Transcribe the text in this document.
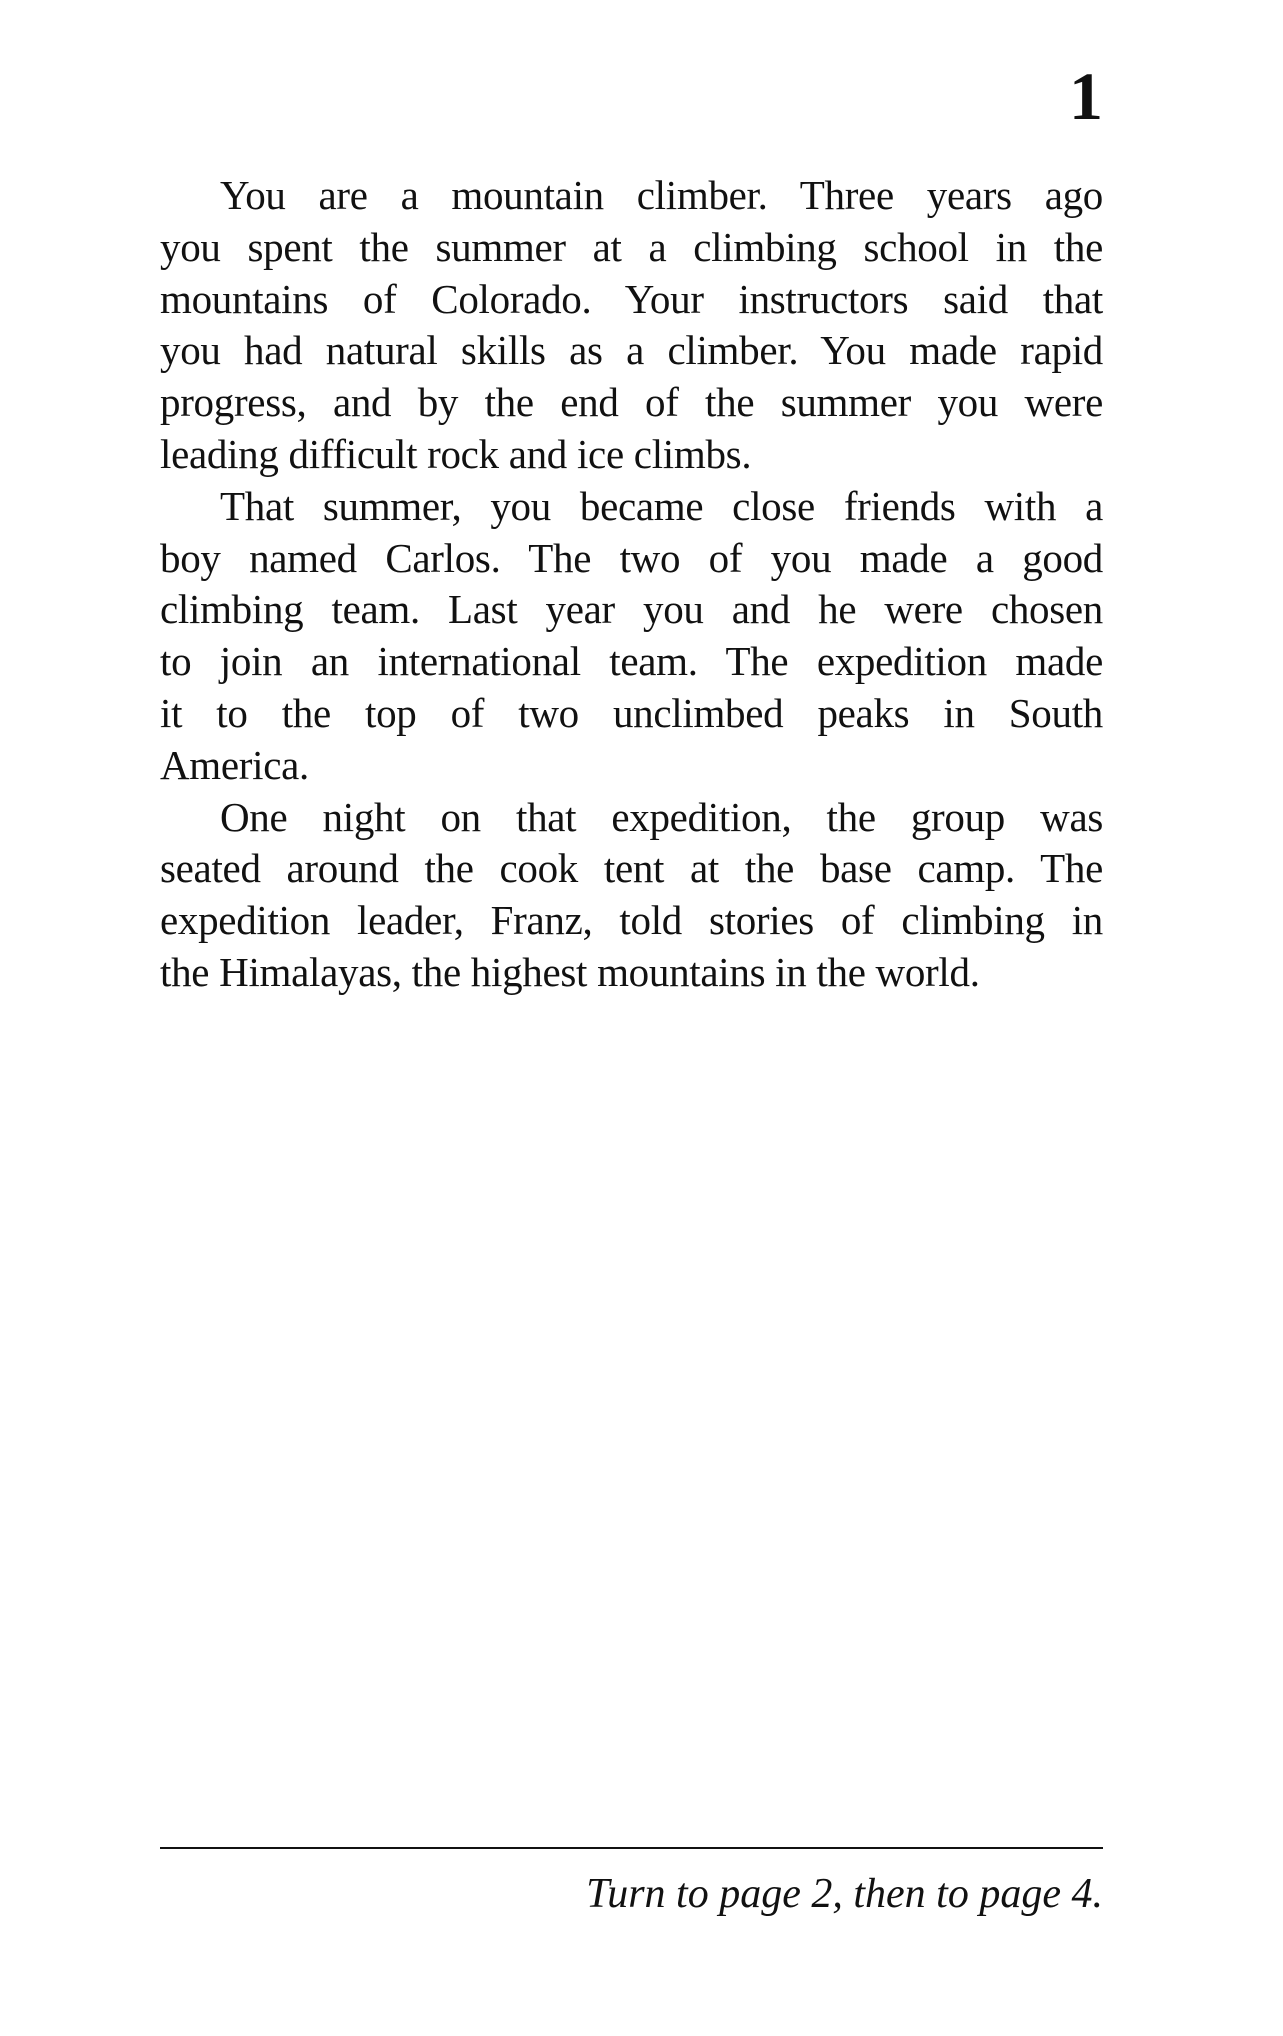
1
You are a mountain climber. Three years ago
you spent the summer at a climbing school in the
mountains of Colorado. Your instructors said that
you had natural skills as a climber. You made rapid
progress, and by the end of the summer you were
leading difficult rock and ice climbs.
That summer, you became close friends with a
boy named Carlos. The two of you made a good
climbing team. Last year you and he were chosen
to join an international team. The expedition made
it to the top of two unclimbed peaks in South
America.
One night on that expedition, the group was
seated around the cook tent at the base camp. The
expedition leader, Franz, told stories of climbing in
the Himalayas, the highest mountains in the world.
Turn to page 2, then to page 4.
